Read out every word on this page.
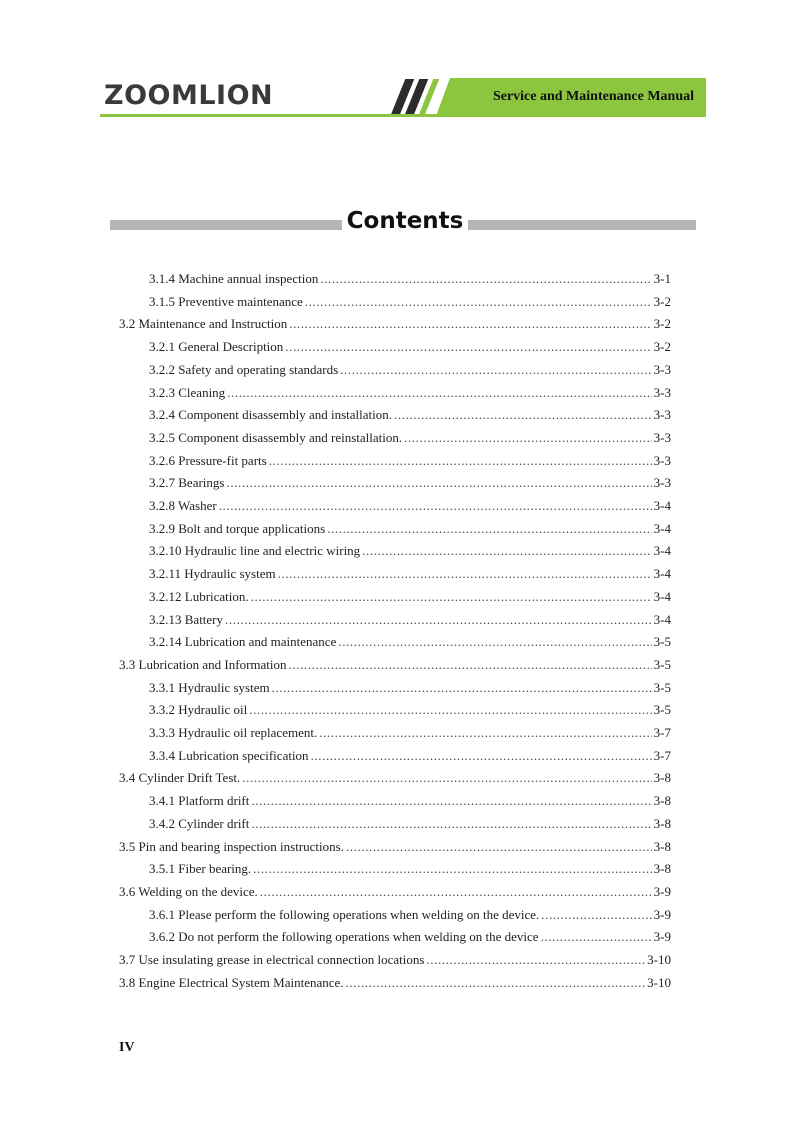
ZOOMLION	Service and Maintenance Manual
Contents
3.1.4 Machine annual inspection .....	3-1
3.1.5 Preventive maintenance .....	3-2
3.2 Maintenance and Instruction .....	3-2
3.2.1 General Description .....	3-2
3.2.2 Safety and operating standards .....	3-3
3.2.3 Cleaning .....	3-3
3.2.4 Component disassembly and installation. .....	3-3
3.2.5 Component disassembly and reinstallation. .....	3-3
3.2.6 Pressure-fit parts .....	3-3
3.2.7 Bearings .....	3-3
3.2.8 Washer .....	3-4
3.2.9 Bolt and torque applications .....	3-4
3.2.10 Hydraulic line and electric wiring .....	3-4
3.2.11 Hydraulic system .....	3-4
3.2.12 Lubrication. .....	3-4
3.2.13 Battery .....	3-4
3.2.14 Lubrication and maintenance .....	3-5
3.3 Lubrication and Information .....	3-5
3.3.1 Hydraulic system .....	3-5
3.3.2 Hydraulic oil .....	3-5
3.3.3 Hydraulic oil replacement. .....	3-7
3.3.4 Lubrication specification .....	3-7
3.4 Cylinder Drift Test. .....	3-8
3.4.1 Platform drift .....	3-8
3.4.2 Cylinder drift .....	3-8
3.5 Pin and bearing inspection instructions. .....	3-8
3.5.1 Fiber bearing. .....	3-8
3.6 Welding on the device. .....	3-9
3.6.1 Please perform the following operations when welding on the device. .....	3-9
3.6.2 Do not perform the following operations when welding on the device .....	3-9
3.7 Use insulating grease in electrical connection locations .....	3-10
3.8 Engine Electrical System Maintenance. .....	3-10
IV
